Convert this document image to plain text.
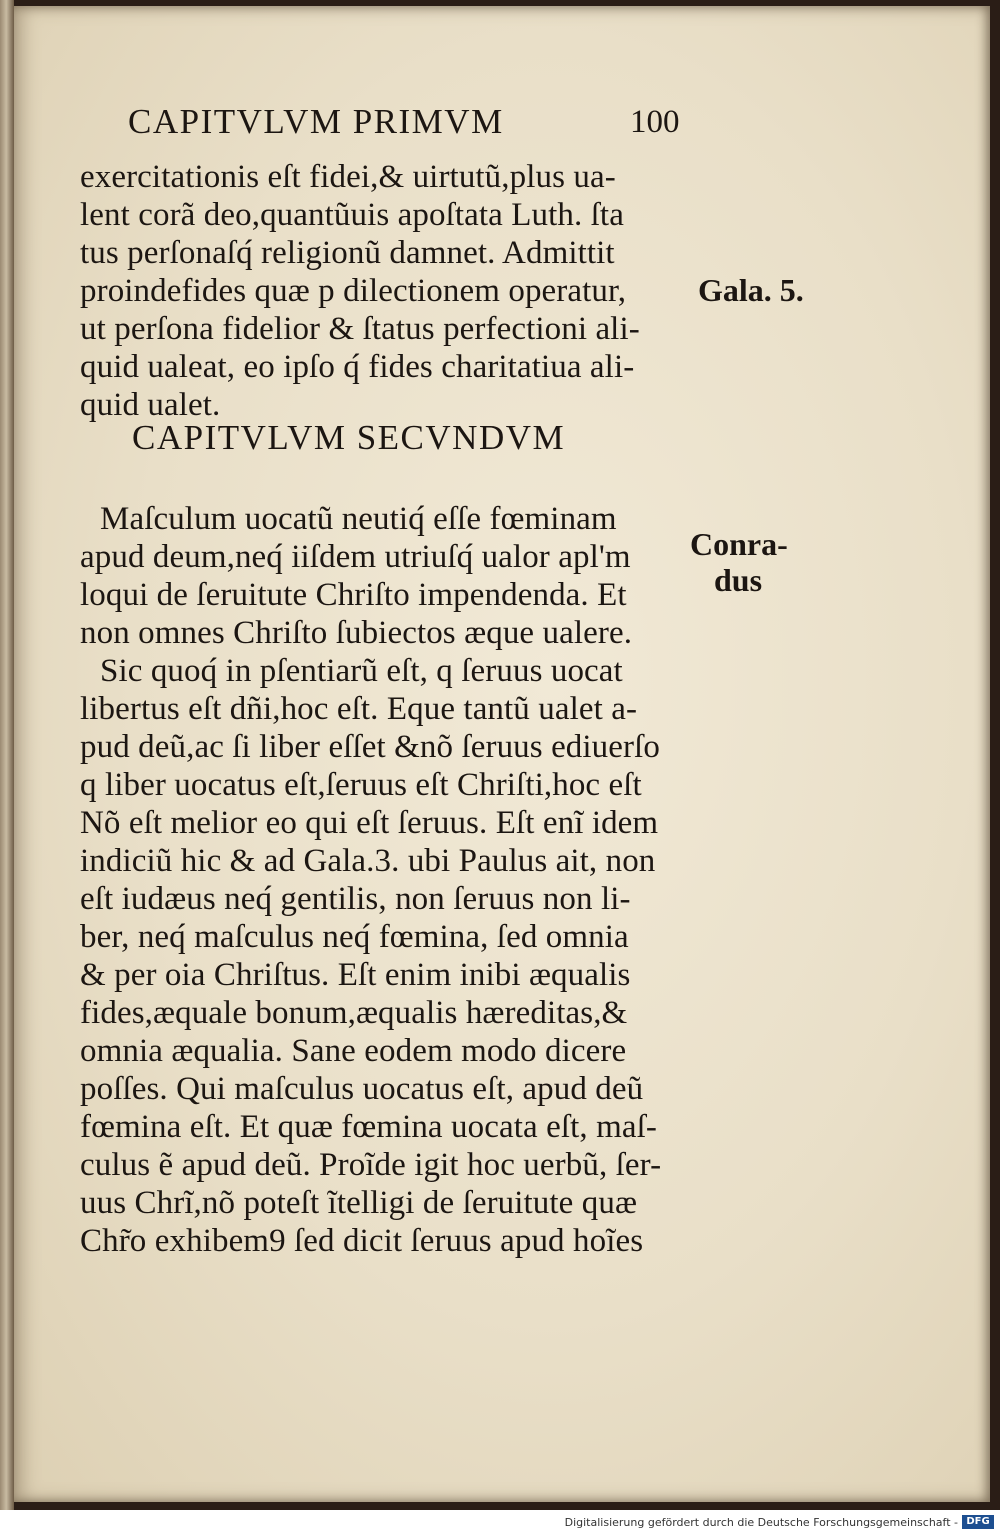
CAPITVLVM PRIMVM	100

exercitationis eſt fidei,& uirtutũ,plus ua-

lent corã deo,quantũuis apoſtata Luth. ſta

tus perſonaſq́ religionũ damnet. Admittit

proindefides quæ p dilectionem operatur,

ut perſona fidelior & ſtatus perfectioni ali-

quid ualeat, eo ipſo q́ fides charitatiua ali-

quid ualet.

CAPITVLVM SECVNDVM

Maſculum uocatũ neutiq́ eſſe fœminam

apud deum,neq́ iiſdem utriuſq́ ualor apl'm

loqui de ſeruitute Chriſto impendenda. Et

non omnes Chriſto ſubiectos æque ualere.

Sic quoq́ in pſentiarũ eſt, q ſeruus uocat

libertus eſt dñi,hoc eſt. Eque tantũ ualet a-

pud deũ,ac ſi liber eſſet &nõ ſeruus ediuerſo

q liber uocatus eſt,ſeruus eſt Chriſti,hoc eſt

Nõ eſt melior eo qui eſt ſeruus. Eſt enĩ idem

indiciũ hic & ad Gala.3. ubi Paulus ait, non

eſt iudæus neq́ gentilis, non ſeruus non li-

ber, neq́ maſculus neq́ fœmina, ſed omnia

& per oia Chriſtus. Eſt enim inibi æqualis

fides,æquale bonum,æqualis hæreditas,&

omnia æqualia. Sane eodem modo dicere

poſſes. Qui maſculus uocatus eſt, apud deũ

fœmina eſt. Et quæ fœmina uocata eſt, maſ-

culus ẽ apud deũ. Proĩde igit hoc uerbũ, ſer-

uus Chrĩ,nõ poteſt ĩtelligi de ſeruitute quæ

Chr̃o exhibem9 ſed dicit ſeruus apud hoĩes

Gala. 5.

Conra-

dus

Digitalisierung gefördert durch die Deutsche Forschungsgemeinschaft - DFG
